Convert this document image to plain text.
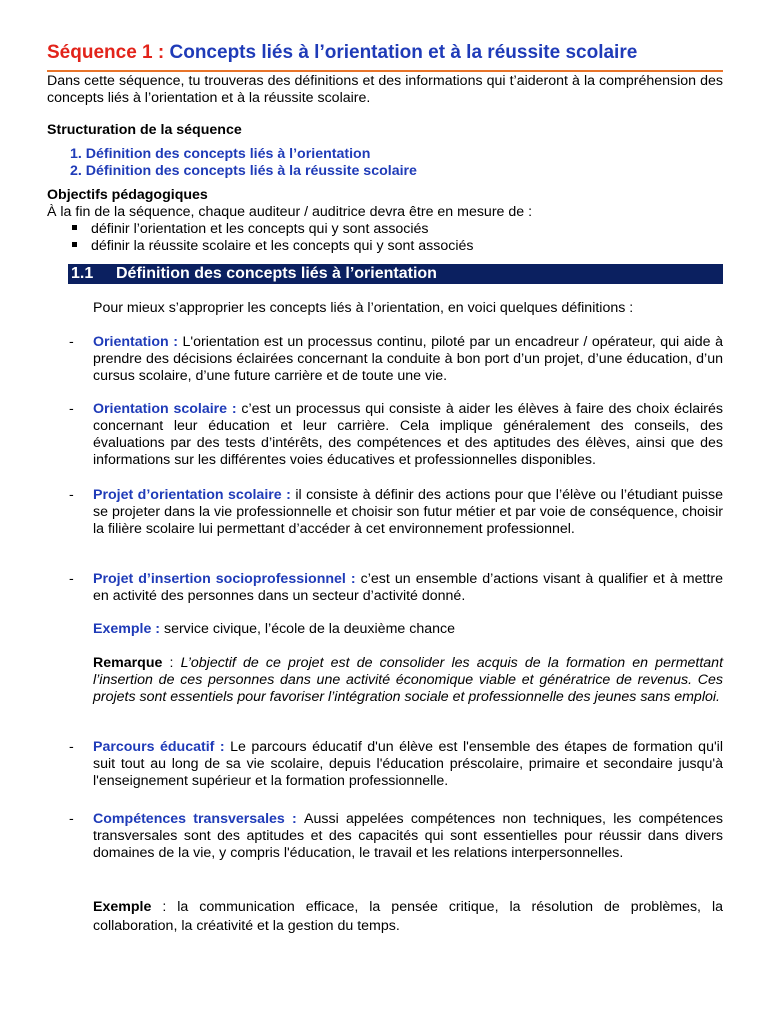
Séquence 1 : Concepts liés à l’orientation et à la réussite scolaire
Dans cette séquence, tu trouveras des définitions et des informations qui t’aideront à la compréhension des concepts liés à l’orientation et à la réussite scolaire.
Structuration de la séquence
1. Définition des concepts liés à l’orientation
2. Définition des concepts liés à la réussite scolaire
Objectifs pédagogiques
À la fin de la séquence, chaque auditeur / auditrice devra être en mesure de :
définir l’orientation et les concepts qui y sont associés
définir la réussite scolaire et les concepts qui y sont associés
1.1 Définition des concepts liés à l’orientation
Pour mieux s’approprier les concepts liés à l’orientation, en voici quelques définitions :
- Orientation : L'orientation est un processus continu, piloté par un encadreur / opérateur, qui aide à prendre des décisions éclairées concernant la conduite à bon port d’un projet, d’une éducation, d’un cursus scolaire, d’une future carrière et de toute une vie.
- Orientation scolaire : c’est un processus qui consiste à aider les élèves à faire des choix éclairés concernant leur éducation et leur carrière. Cela implique généralement des conseils, des évaluations par des tests d’intérêts, des compétences et des aptitudes des élèves, ainsi que des informations sur les différentes voies éducatives et professionnelles disponibles.
- Projet d’orientation scolaire : il consiste à définir des actions pour que l’élève ou l’étudiant puisse se projeter dans la vie professionnelle et choisir son futur métier et par voie de conséquence, choisir la filière scolaire lui permettant d’accéder à cet environnement professionnel.
- Projet d’insertion socioprofessionnel : c’est un ensemble d’actions visant à qualifier et à mettre en activité des personnes dans un secteur d’activité donné.
Exemple : service civique, l’école de la deuxième chance
Remarque : L’objectif de ce projet est de consolider les acquis de la formation en permettant l’insertion de ces personnes dans une activité économique viable et génératrice de revenus. Ces projets sont essentiels pour favoriser l’intégration sociale et professionnelle des jeunes sans emploi.
- Parcours éducatif : Le parcours éducatif d'un élève est l'ensemble des étapes de formation qu'il suit tout au long de sa vie scolaire, depuis l'éducation préscolaire, primaire et secondaire jusqu'à l'enseignement supérieur et la formation professionnelle.
- Compétences transversales : Aussi appelées compétences non techniques, les compétences transversales sont des aptitudes et des capacités qui sont essentielles pour réussir dans divers domaines de la vie, y compris l'éducation, le travail et les relations interpersonnelles.
Exemple : la communication efficace, la pensée critique, la résolution de problèmes, la collaboration, la créativité et la gestion du temps.
